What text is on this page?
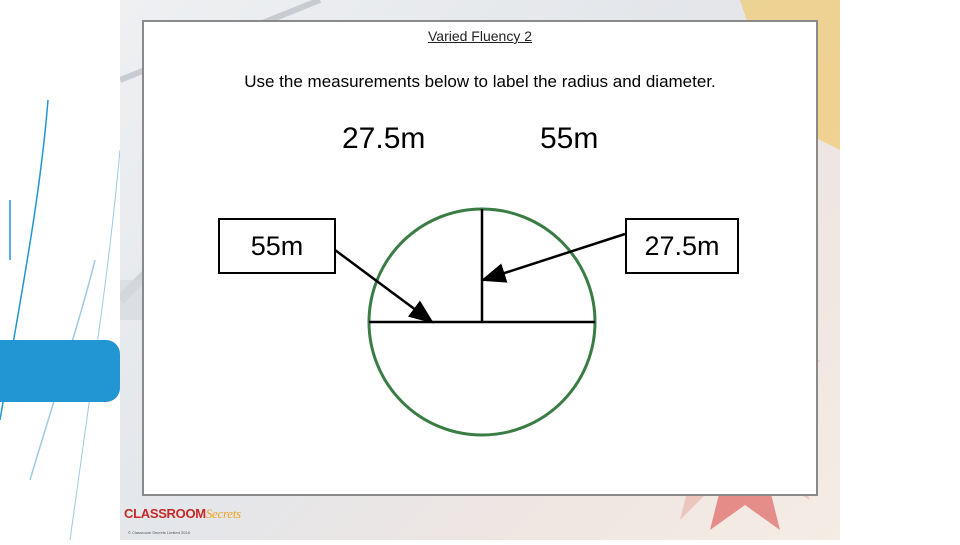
Varied Fluency 2
Use the measurements below to label the radius and diameter.
27.5m	55m
55m	27.5m
CLASSROOMSecrets
© Classroom Secrets Limited 2018
